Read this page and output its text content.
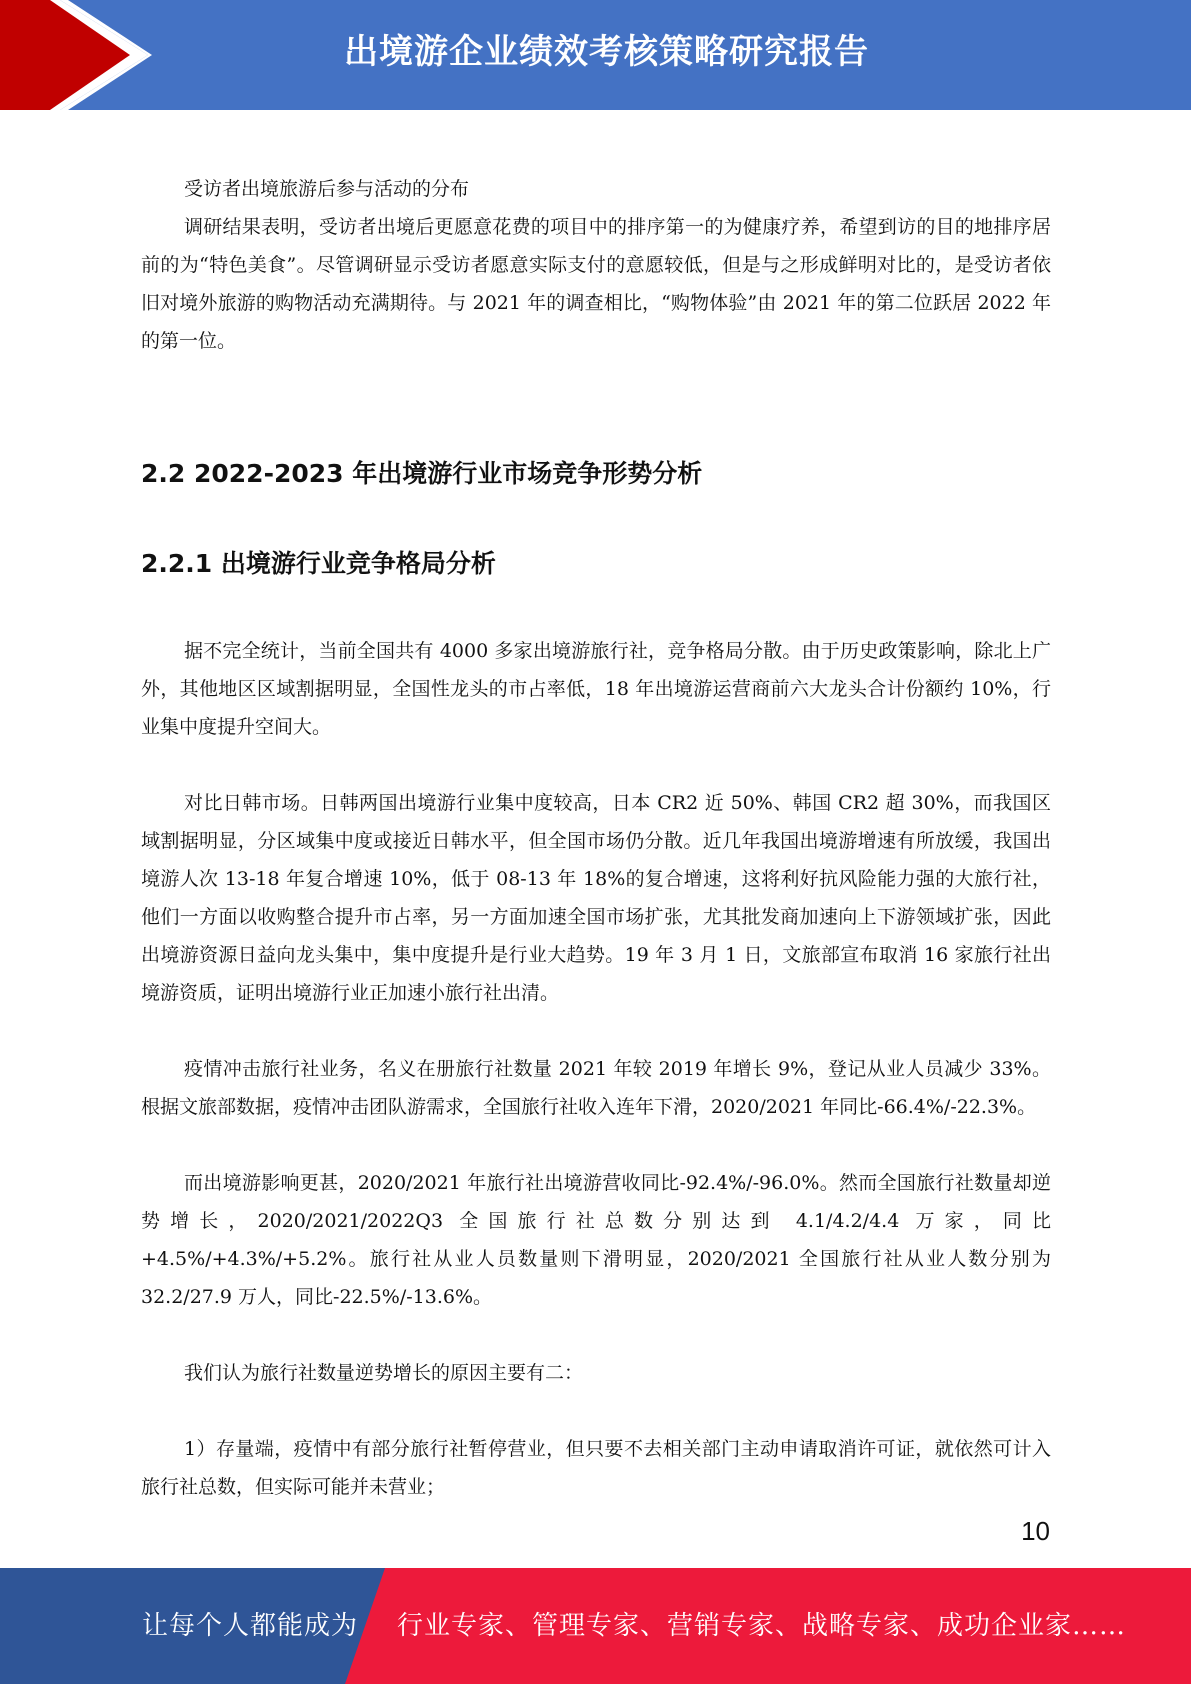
出境游企业绩效考核策略研究报告

受访者出境旅游后参与活动的分布

调研结果表明，受访者出境后更愿意花费的项目中的排序第一的为健康疗养，希望到访的目的地排序居前的为“特色美食”。尽管调研显示受访者愿意实际支付的意愿较低，但是与之形成鲜明对比的，是受访者依旧对境外旅游的购物活动充满期待。与 2021 年的调查相比，“购物体验”由 2021 年的第二位跃居 2022 年的第一位。

2.2 2022-2023 年出境游行业市场竞争形势分析
2.2.1 出境游行业竞争格局分析

据不完全统计，当前全国共有 4000 多家出境游旅行社，竞争格局分散。由于历史政策影响，除北上广外，其他地区区域割据明显，全国性龙头的市占率低，18 年出境游运营商前六大龙头合计份额约 10%，行业集中度提升空间大。

对比日韩市场。日韩两国出境游行业集中度较高，日本 CR2 近 50%、韩国 CR2 超 30%，而我国区域割据明显，分区域集中度或接近日韩水平，但全国市场仍分散。近几年我国出境游增速有所放缓，我国出境游人次 13-18 年复合增速 10%，低于 08-13 年 18%的复合增速，这将利好抗风险能力强的大旅行社，他们一方面以收购整合提升市占率，另一方面加速全国市场扩张，尤其批发商加速向上下游领域扩张，因此出境游资源日益向龙头集中，集中度提升是行业大趋势。19 年 3 月 1 日，文旅部宣布取消 16 家旅行社出境游资质，证明出境游行业正加速小旅行社出清。

疫情冲击旅行社业务，名义在册旅行社数量 2021 年较 2019 年增长 9%，登记从业人员减少 33%。根据文旅部数据，疫情冲击团队游需求，全国旅行社收入连年下滑，2020/2021 年同比-66.4%/-22.3%。

而出境游影响更甚，2020/2021 年旅行社出境游营收同比-92.4%/-96.0%。然而全国旅行社数量却逆势增长，2020/2021/2022Q3 全国旅行社总数分别达到 4.1/4.2/4.4 万家，同比+4.5%/+4.3%/+5.2%。旅行社从业人员数量则下滑明显，2020/2021 全国旅行社从业人数分别为 32.2/27.9 万人，同比-22.5%/-13.6%。

我们认为旅行社数量逆势增长的原因主要有二：

1）存量端，疫情中有部分旅行社暂停营业，但只要不去相关部门主动申请取消许可证，就依然可计入旅行社总数，但实际可能并未营业；

10
让每个人都能成为 行业专家、管理专家、营销专家、战略专家、成功企业家……
